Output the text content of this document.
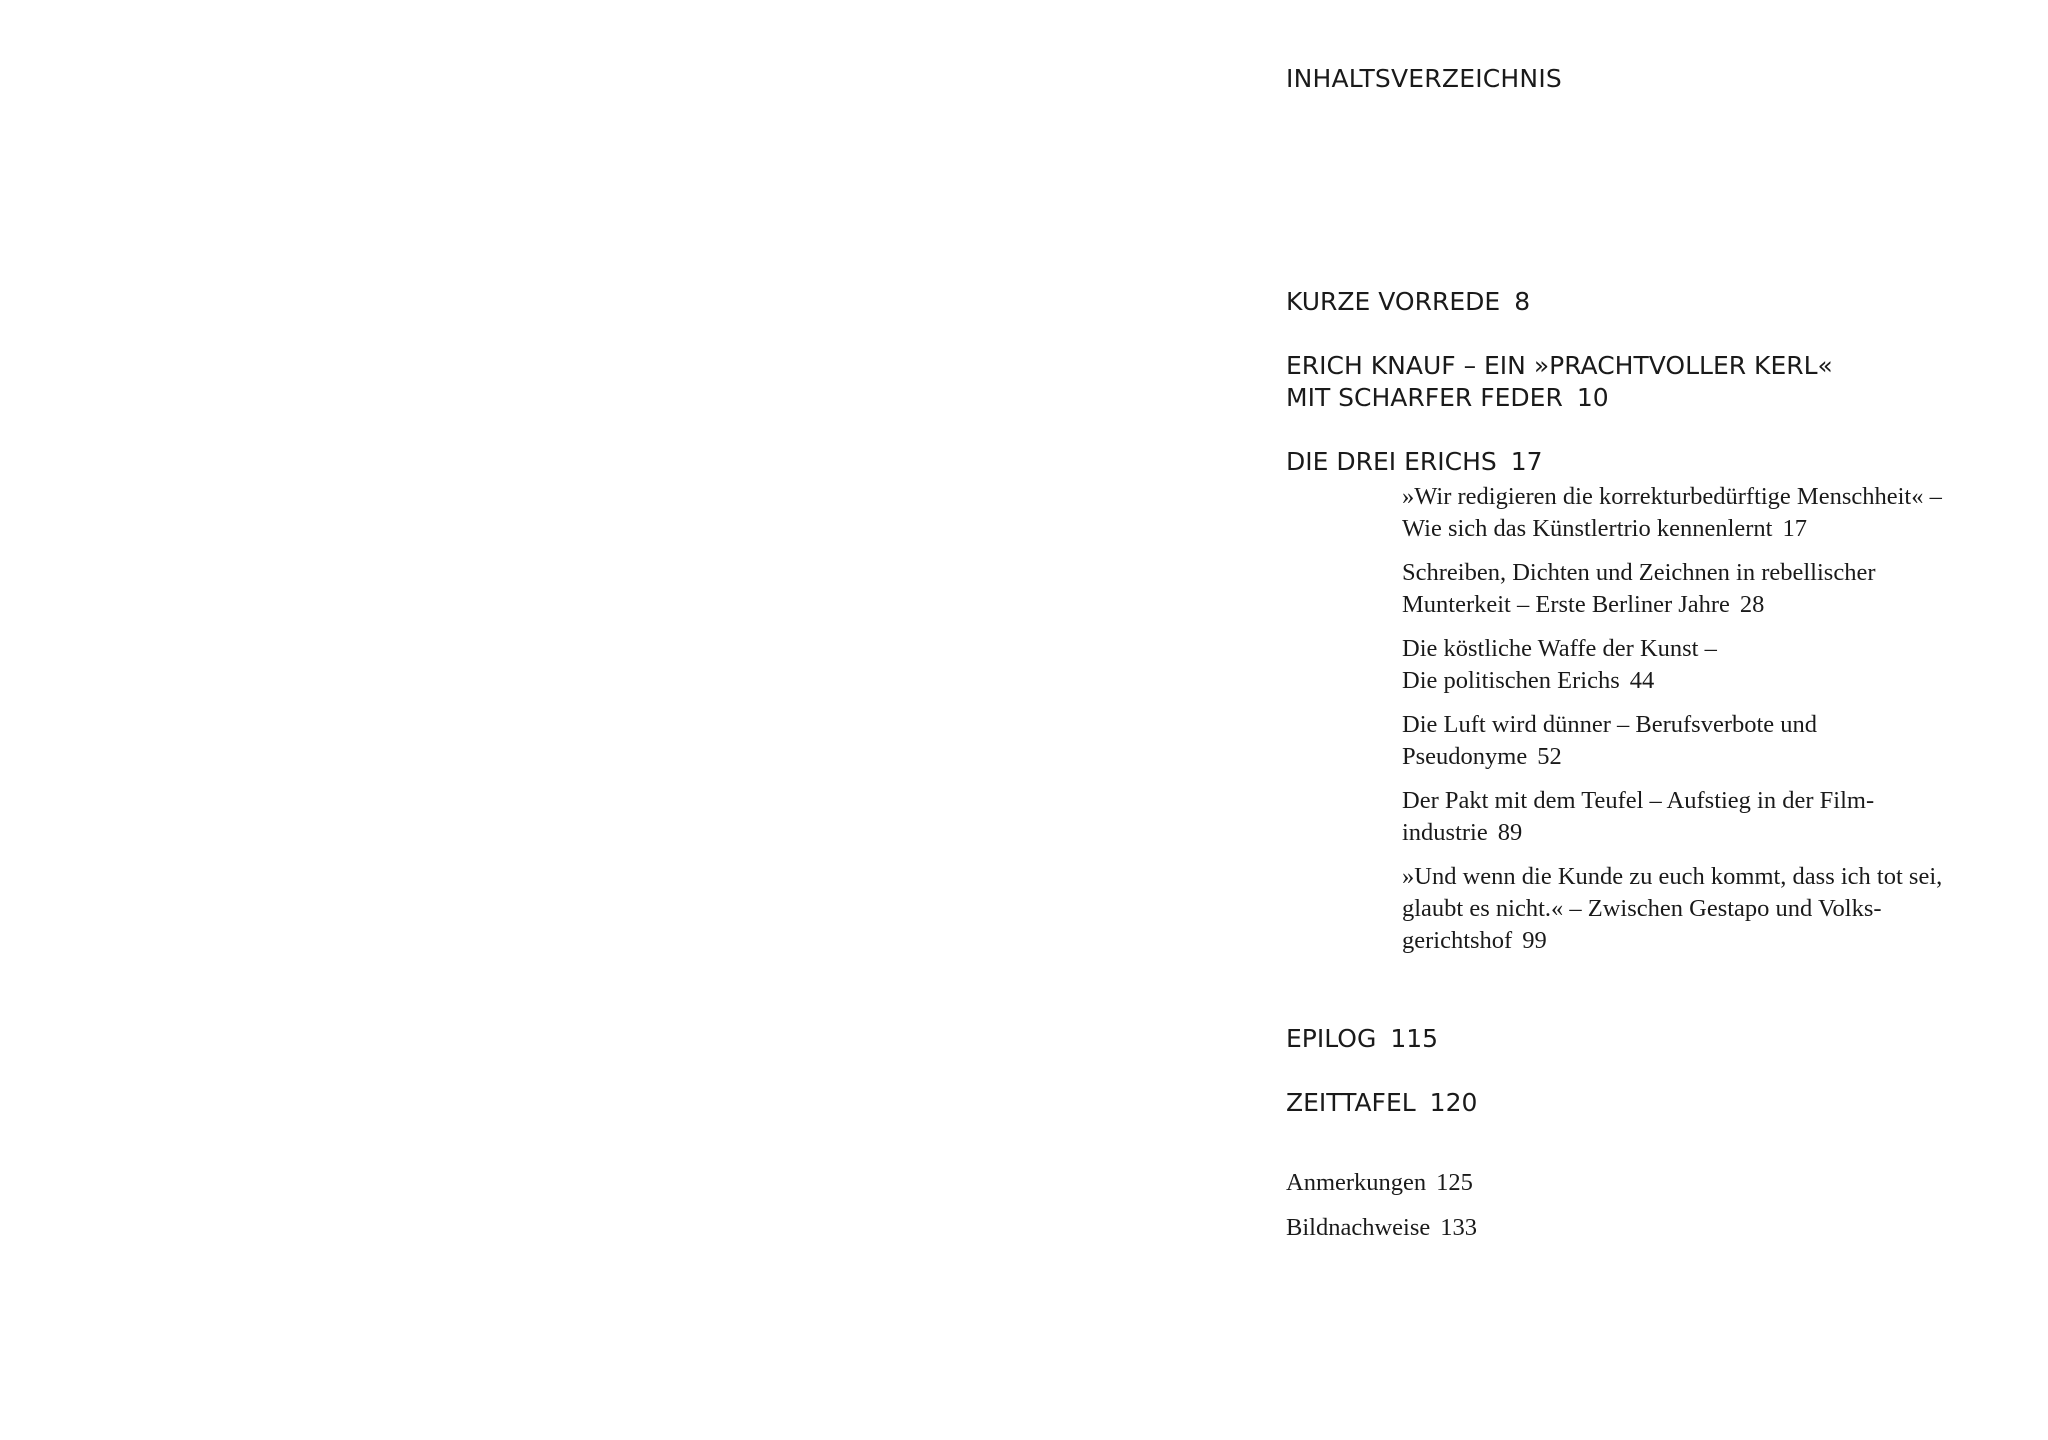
INHALTSVERZEICHNIS
KURZE VORREDE 8
ERICH KNAUF – EIN »PRACHTVOLLER KERL«
MIT SCHARFER FEDER 10
DIE DREI ERICHS 17
»Wir redigieren die korrekturbedürftige Menschheit« –
Wie sich das Künstlertrio kennenlernt 17
Schreiben, Dichten und Zeichnen in rebellischer
Munterkeit – Erste Berliner Jahre 28
Die köstliche Waffe der Kunst –
Die politischen Erichs 44
Die Luft wird dünner – Berufsverbote und
Pseudonyme 52
Der Pakt mit dem Teufel – Aufstieg in der Film-
industrie 89
»Und wenn die Kunde zu euch kommt, dass ich tot sei,
glaubt es nicht.« – Zwischen Gestapo und Volks-
gerichtshof 99
EPILOG 115
ZEITTAFEL 120
Anmerkungen 125
Bildnachweise 133
